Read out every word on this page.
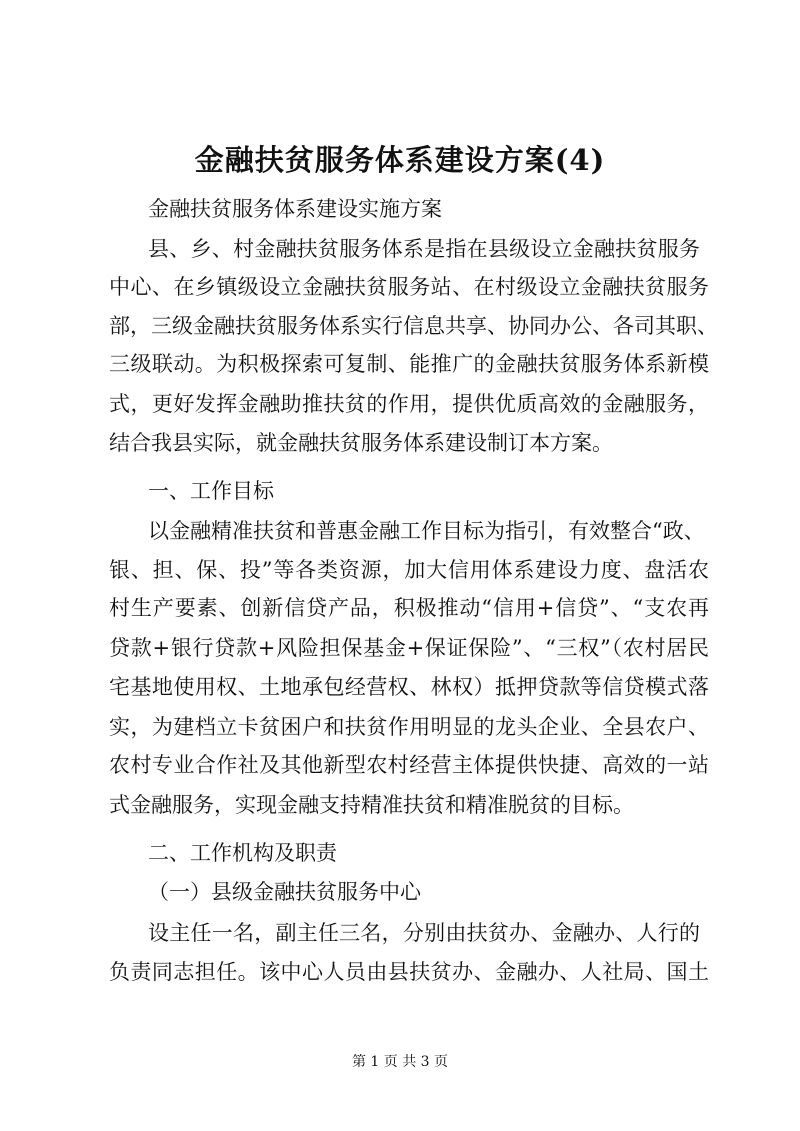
金融扶贫服务体系建设方案(4)

金融扶贫服务体系建设实施方案

县、乡、村金融扶贫服务体系是指在县级设立金融扶贫服务

中心、在乡镇级设立金融扶贫服务站、在村级设立金融扶贫服务

部，三级金融扶贫服务体系实行信息共享、协同办公、各司其职、

三级联动。为积极探索可复制、能推广的金融扶贫服务体系新模

式，更好发挥金融助推扶贫的作用，提供优质高效的金融服务，

结合我县实际，就金融扶贫服务体系建设制订本方案。

一、工作目标

以金融精准扶贫和普惠金融工作目标为指引，有效整合“政、

银、担、保、投”等各类资源，加大信用体系建设力度、盘活农

村生产要素、创新信贷产品，积极推动“信用+信贷”、“支农再

贷款+银行贷款+风险担保基金+保证保险”、“三权”（农村居民

宅基地使用权、土地承包经营权、林权）抵押贷款等信贷模式落

实，为建档立卡贫困户和扶贫作用明显的龙头企业、全县农户、

农村专业合作社及其他新型农村经营主体提供快捷、高效的一站

式金融服务，实现金融支持精准扶贫和精准脱贫的目标。

二、工作机构及职责

（一）县级金融扶贫服务中心

设主任一名，副主任三名，分别由扶贫办、金融办、人行的

负责同志担任。该中心人员由县扶贫办、金融办、人社局、国土

第 1 页 共 3 页
